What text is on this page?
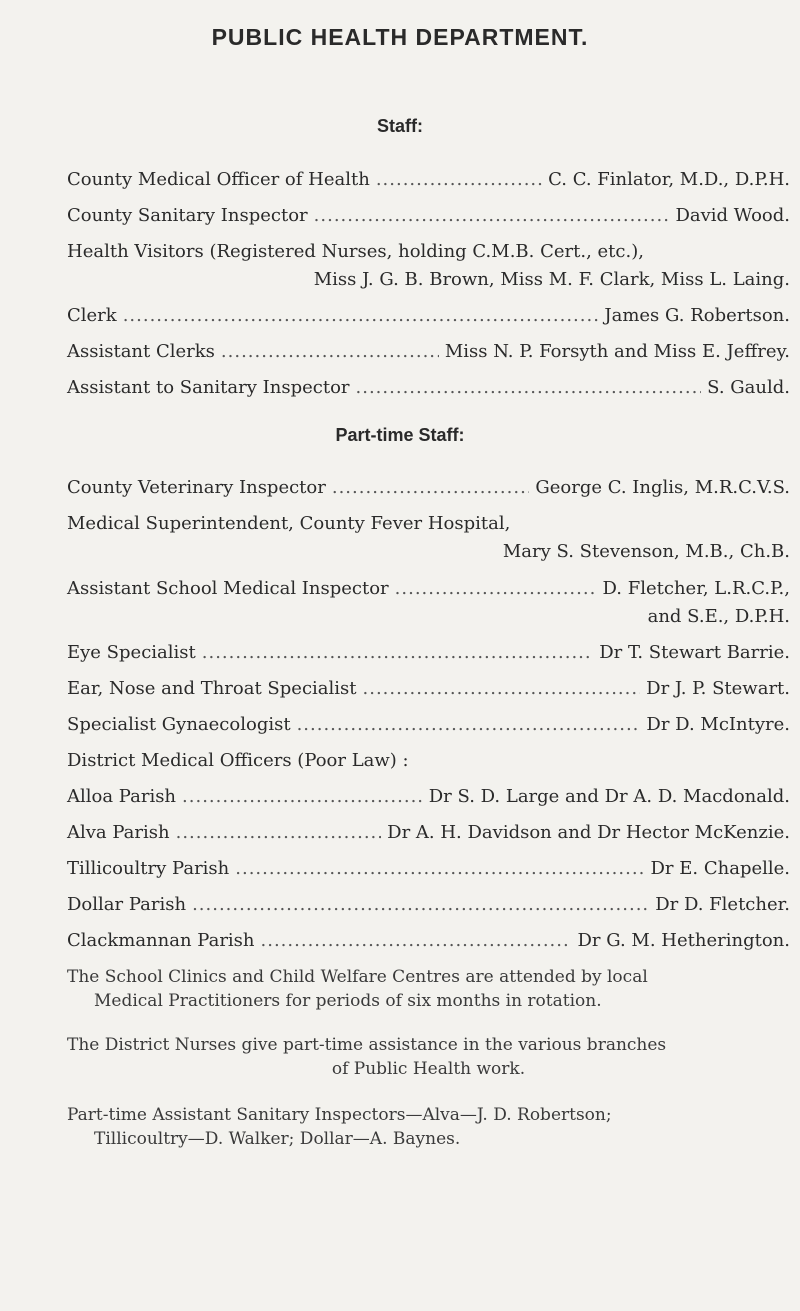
PUBLIC HEALTH DEPARTMENT.
Staff:
County Medical Officer of Health .....	C. C. Finlator, M.D., D.P.H.
County Sanitary Inspector .....	David Wood.
Health Visitors (Registered Nurses, holding C.M.B. Cert., etc.),
Miss J. G. B. Brown, Miss M. F. Clark, Miss L. Laing.
Clerk .....	James G. Robertson.
Assistant Clerks .....	Miss N. P. Forsyth and Miss E. Jeffrey.
Assistant to Sanitary Inspector .....	S. Gauld.
Part-time Staff:
County Veterinary Inspector .....	George C. Inglis, M.R.C.V.S.
Medical Superintendent, County Fever Hospital,
Mary S. Stevenson, M.B., Ch.B.
Assistant School Medical Inspector .....	D. Fletcher, L.R.C.P.,
and S.E., D.P.H.
Eye Specialist .....	Dr T. Stewart Barrie.
Ear, Nose and Throat Specialist .....	Dr J. P. Stewart.
Specialist Gynaecologist .....	Dr D. McIntyre.
District Medical Officers (Poor Law) :
Alloa Parish .....	Dr S. D. Large and Dr A. D. Macdonald.
Alva Parish .....	Dr A. H. Davidson and Dr Hector McKenzie.
Tillicoultry Parish .....	Dr E. Chapelle.
Dollar Parish .....	Dr D. Fletcher.
Clackmannan Parish .....	Dr G. M. Hetherington.
The School Clinics and Child Welfare Centres are attended by local
Medical Practitioners for periods of six months in rotation.
The District Nurses give part-time assistance in the various branches
of Public Health work.
Part-time Assistant Sanitary Inspectors—Alva—J. D. Robertson;
Tillicoultry—D. Walker; Dollar—A. Baynes.
